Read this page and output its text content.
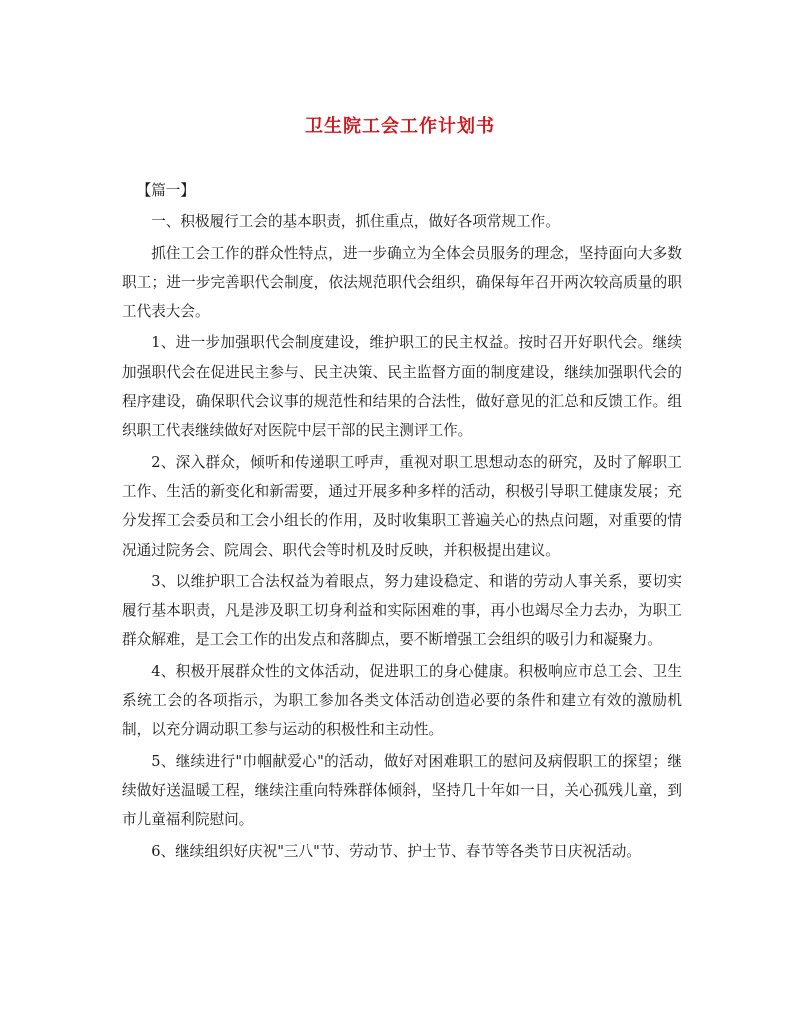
卫生院工会工作计划书

【篇一】

一、积极履行工会的基本职责，抓住重点，做好各项常规工作。

抓住工会工作的群众性特点，进一步确立为全体会员服务的理念，坚持面向大多数职工；进一步完善职代会制度，依法规范职代会组织，确保每年召开两次较高质量的职工代表大会。

1、进一步加强职代会制度建设，维护职工的民主权益。按时召开好职代会。继续加强职代会在促进民主参与、民主决策、民主监督方面的制度建设，继续加强职代会的程序建设，确保职代会议事的规范性和结果的合法性，做好意见的汇总和反馈工作。组织职工代表继续做好对医院中层干部的民主测评工作。

2、深入群众，倾听和传递职工呼声，重视对职工思想动态的研究，及时了解职工工作、生活的新变化和新需要，通过开展多种多样的活动，积极引导职工健康发展；充分发挥工会委员和工会小组长的作用，及时收集职工普遍关心的热点问题，对重要的情况通过院务会、院周会、职代会等时机及时反映，并积极提出建议。

3、以维护职工合法权益为着眼点，努力建设稳定、和谐的劳动人事关系，要切实履行基本职责，凡是涉及职工切身利益和实际困难的事，再小也竭尽全力去办，为职工群众解难，是工会工作的出发点和落脚点，要不断增强工会组织的吸引力和凝聚力。

4、积极开展群众性的文体活动，促进职工的身心健康。积极响应市总工会、卫生系统工会的各项指示，为职工参加各类文体活动创造必要的条件和建立有效的激励机制，以充分调动职工参与运动的积极性和主动性。

5、继续进行"巾帼献爱心"的活动，做好对困难职工的慰问及病假职工的探望；继续做好送温暖工程，继续注重向特殊群体倾斜，坚持几十年如一日，关心孤残儿童，到市儿童福利院慰问。

6、继续组织好庆祝"三八"节、劳动节、护士节、春节等各类节日庆祝活动。
